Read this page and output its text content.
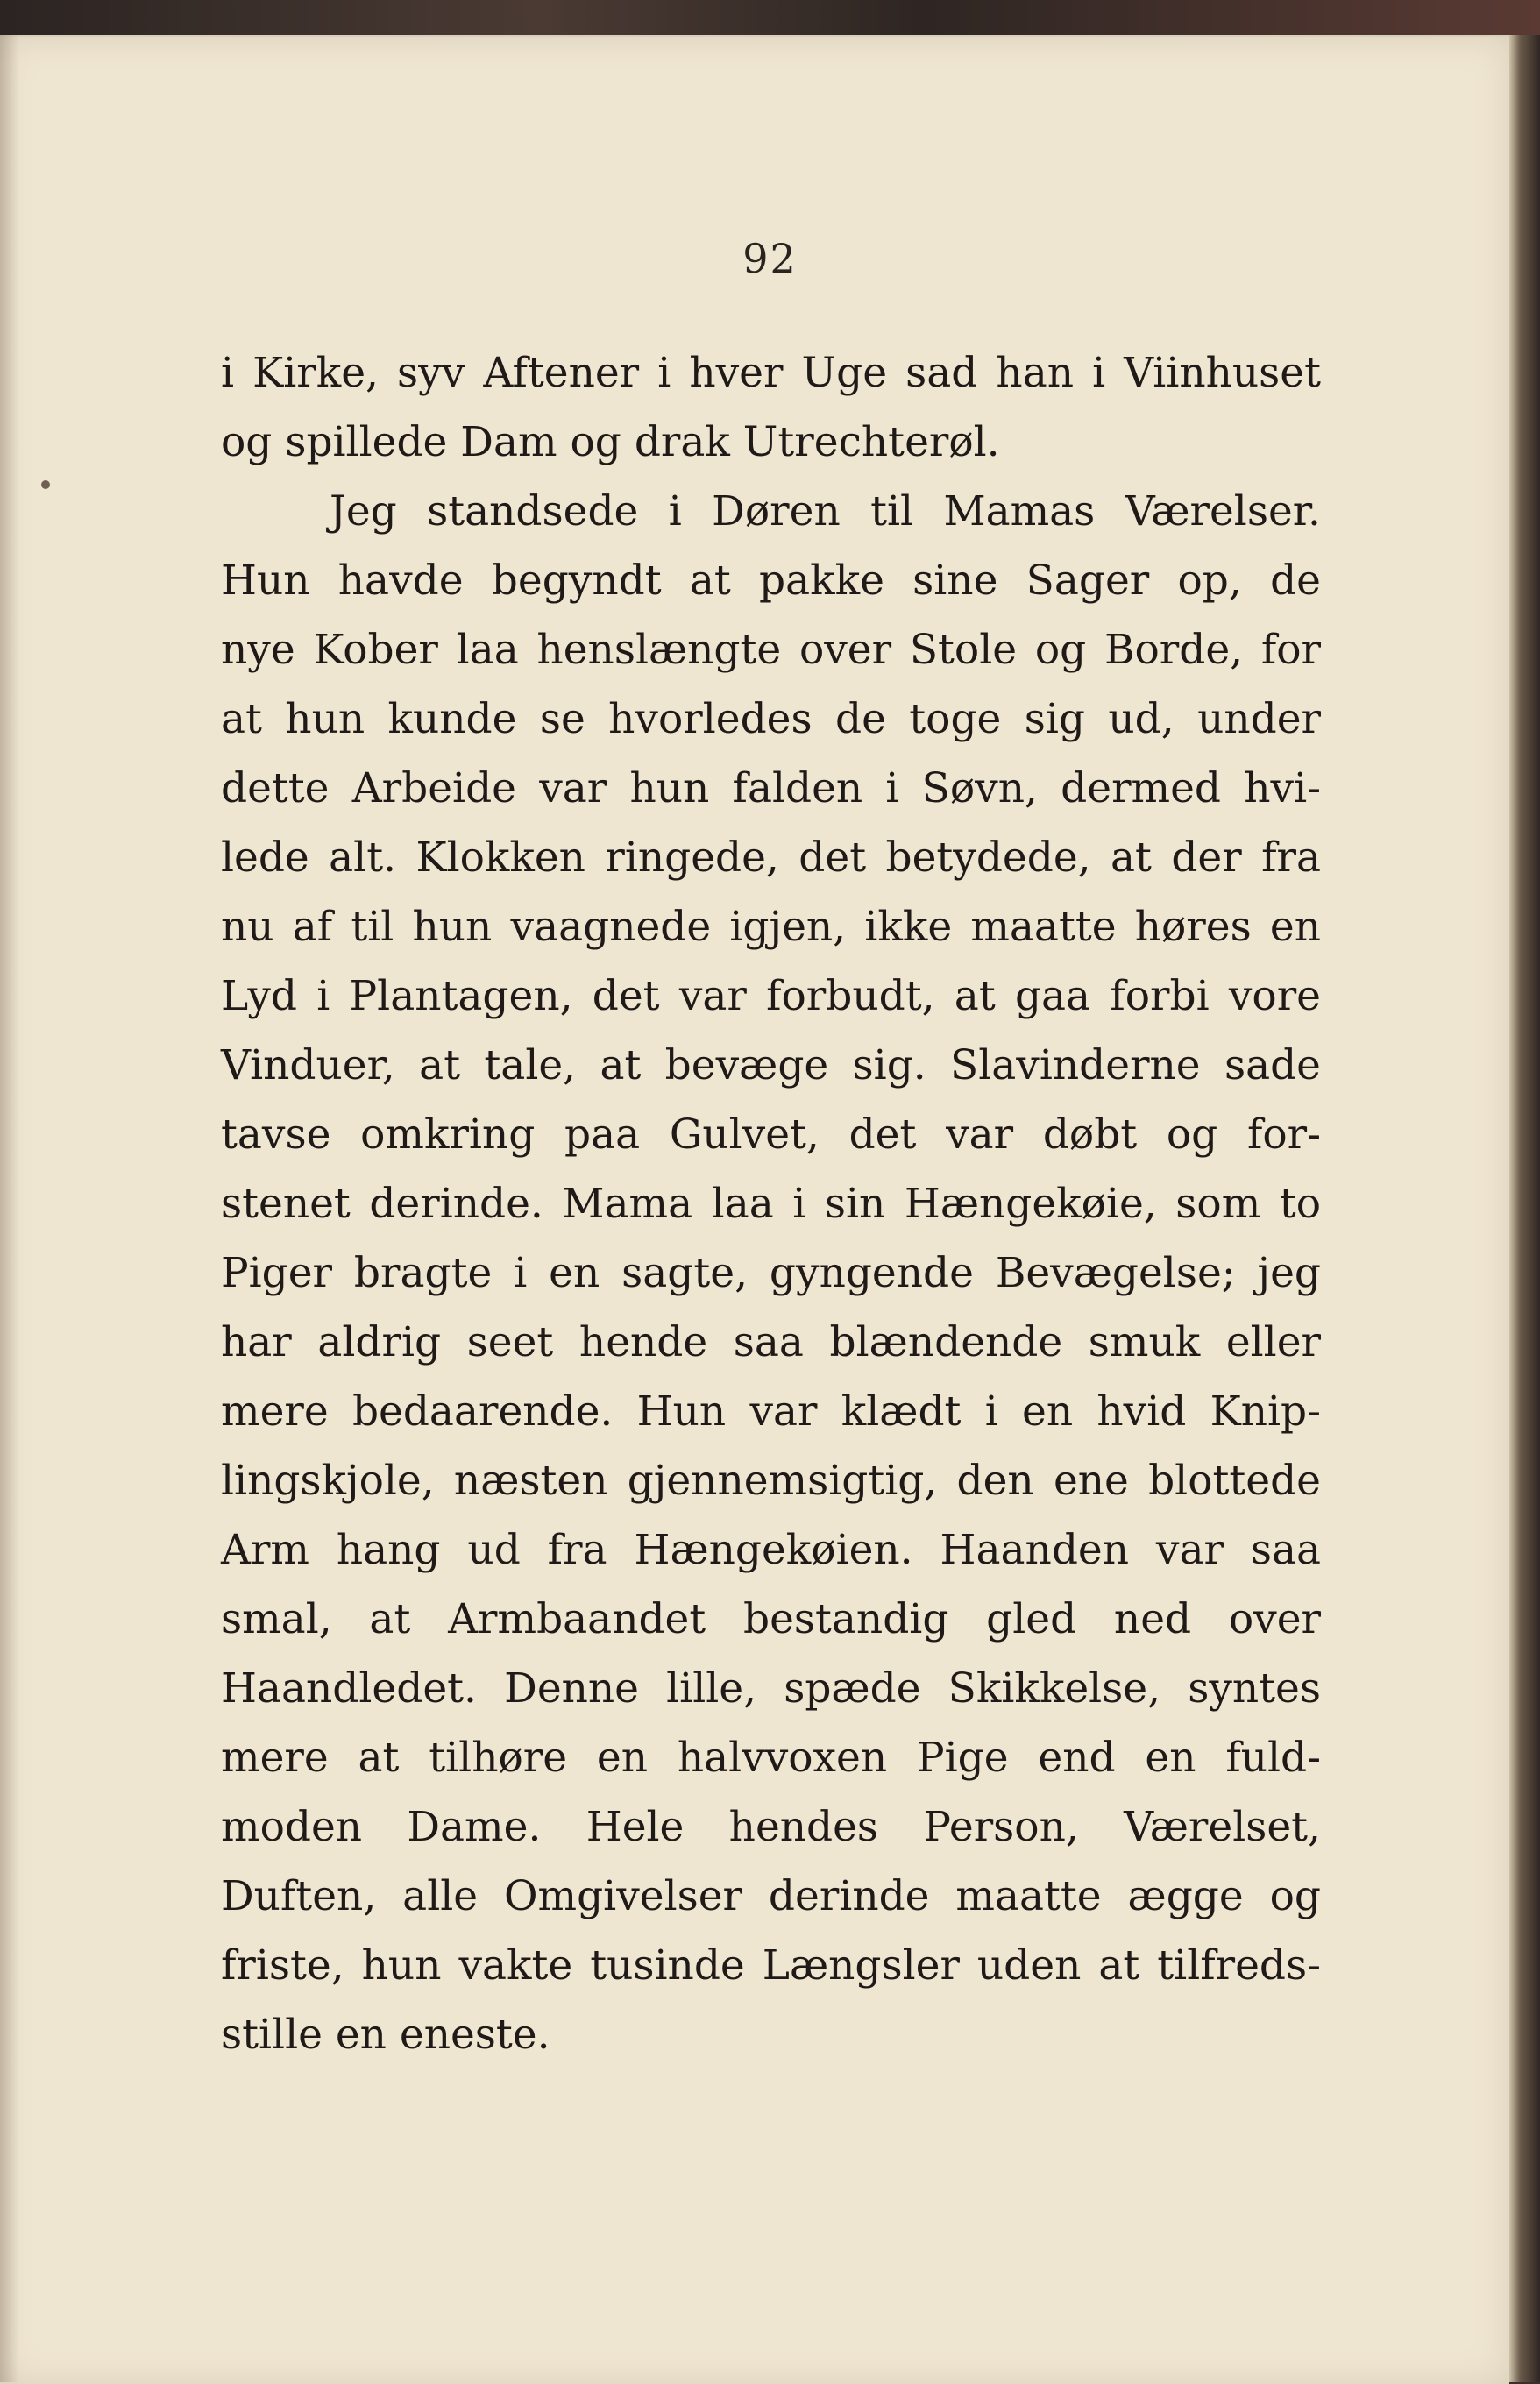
92
i Kirke, syv Aftener i hver Uge sad han i Viinhuset
og spillede Dam og drak Utrechterøl.
Jeg standsede i Døren til Mamas Værelser.
Hun havde begyndt at pakke sine Sager op, de
nye Kober laa henslængte over Stole og Borde, for
at hun kunde se hvorledes de toge sig ud, under
dette Arbeide var hun falden i Søvn, dermed hvi-
lede alt. Klokken ringede, det betydede, at der fra
nu af til hun vaagnede igjen, ikke maatte høres en
Lyd i Plantagen, det var forbudt, at gaa forbi vore
Vinduer, at tale, at bevæge sig. Slavinderne sade
tavse omkring paa Gulvet, det var døbt og for-
stenet derinde. Mama laa i sin Hængekøie, som to
Piger bragte i en sagte, gyngende Bevægelse; jeg
har aldrig seet hende saa blændende smuk eller
mere bedaarende. Hun var klædt i en hvid Knip-
lingskjole, næsten gjennemsigtig, den ene blottede
Arm hang ud fra Hængekøien. Haanden var saa
smal, at Armbaandet bestandig gled ned over
Haandledet. Denne lille, spæde Skikkelse, syntes
mere at tilhøre en halvvoxen Pige end en fuld-
moden Dame. Hele hendes Person, Værelset,
Duften, alle Omgivelser derinde maatte ægge og
friste, hun vakte tusinde Længsler uden at tilfreds-
stille en eneste.
